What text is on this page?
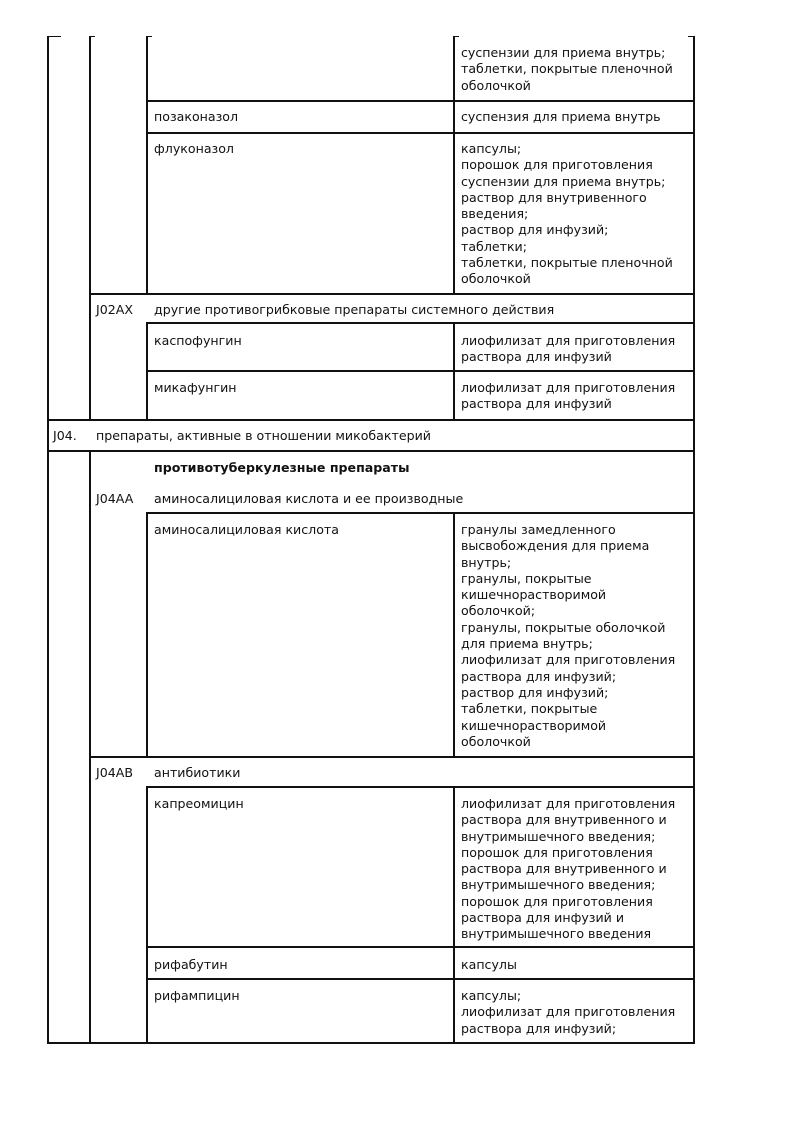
суспензии для приема внутрь;
таблетки, покрытые пленочной
оболочкой
позаконазол	суспензия для приема внутрь
флуконазол	капсулы;
порошок для приготовления
суспензии для приема внутрь;
раствор для внутривенного
введения;
раствор для инфузий;
таблетки;
таблетки, покрытые пленочной
оболочкой
J02AX	другие противогрибковые препараты системного действия
каспофунгин	лиофилизат для приготовления
раствора для инфузий
микафунгин	лиофилизат для приготовления
раствора для инфузий
J04.	препараты, активные в отношении микобактерий
противотуберкулезные препараты
J04AA	аминосалициловая кислота и ее производные
аминосалициловая кислота	гранулы замедленного
высвобождения для приема
внутрь;
гранулы, покрытые
кишечнорастворимой
оболочкой;
гранулы, покрытые оболочкой
для приема внутрь;
лиофилизат для приготовления
раствора для инфузий;
раствор для инфузий;
таблетки, покрытые
кишечнорастворимой
оболочкой
J04AB	антибиотики
капреомицин	лиофилизат для приготовления
раствора для внутривенного и
внутримышечного введения;
порошок для приготовления
раствора для внутривенного и
внутримышечного введения;
порошок для приготовления
раствора для инфузий и
внутримышечного введения
рифабутин	капсулы
рифампицин	капсулы;
лиофилизат для приготовления
раствора для инфузий;
